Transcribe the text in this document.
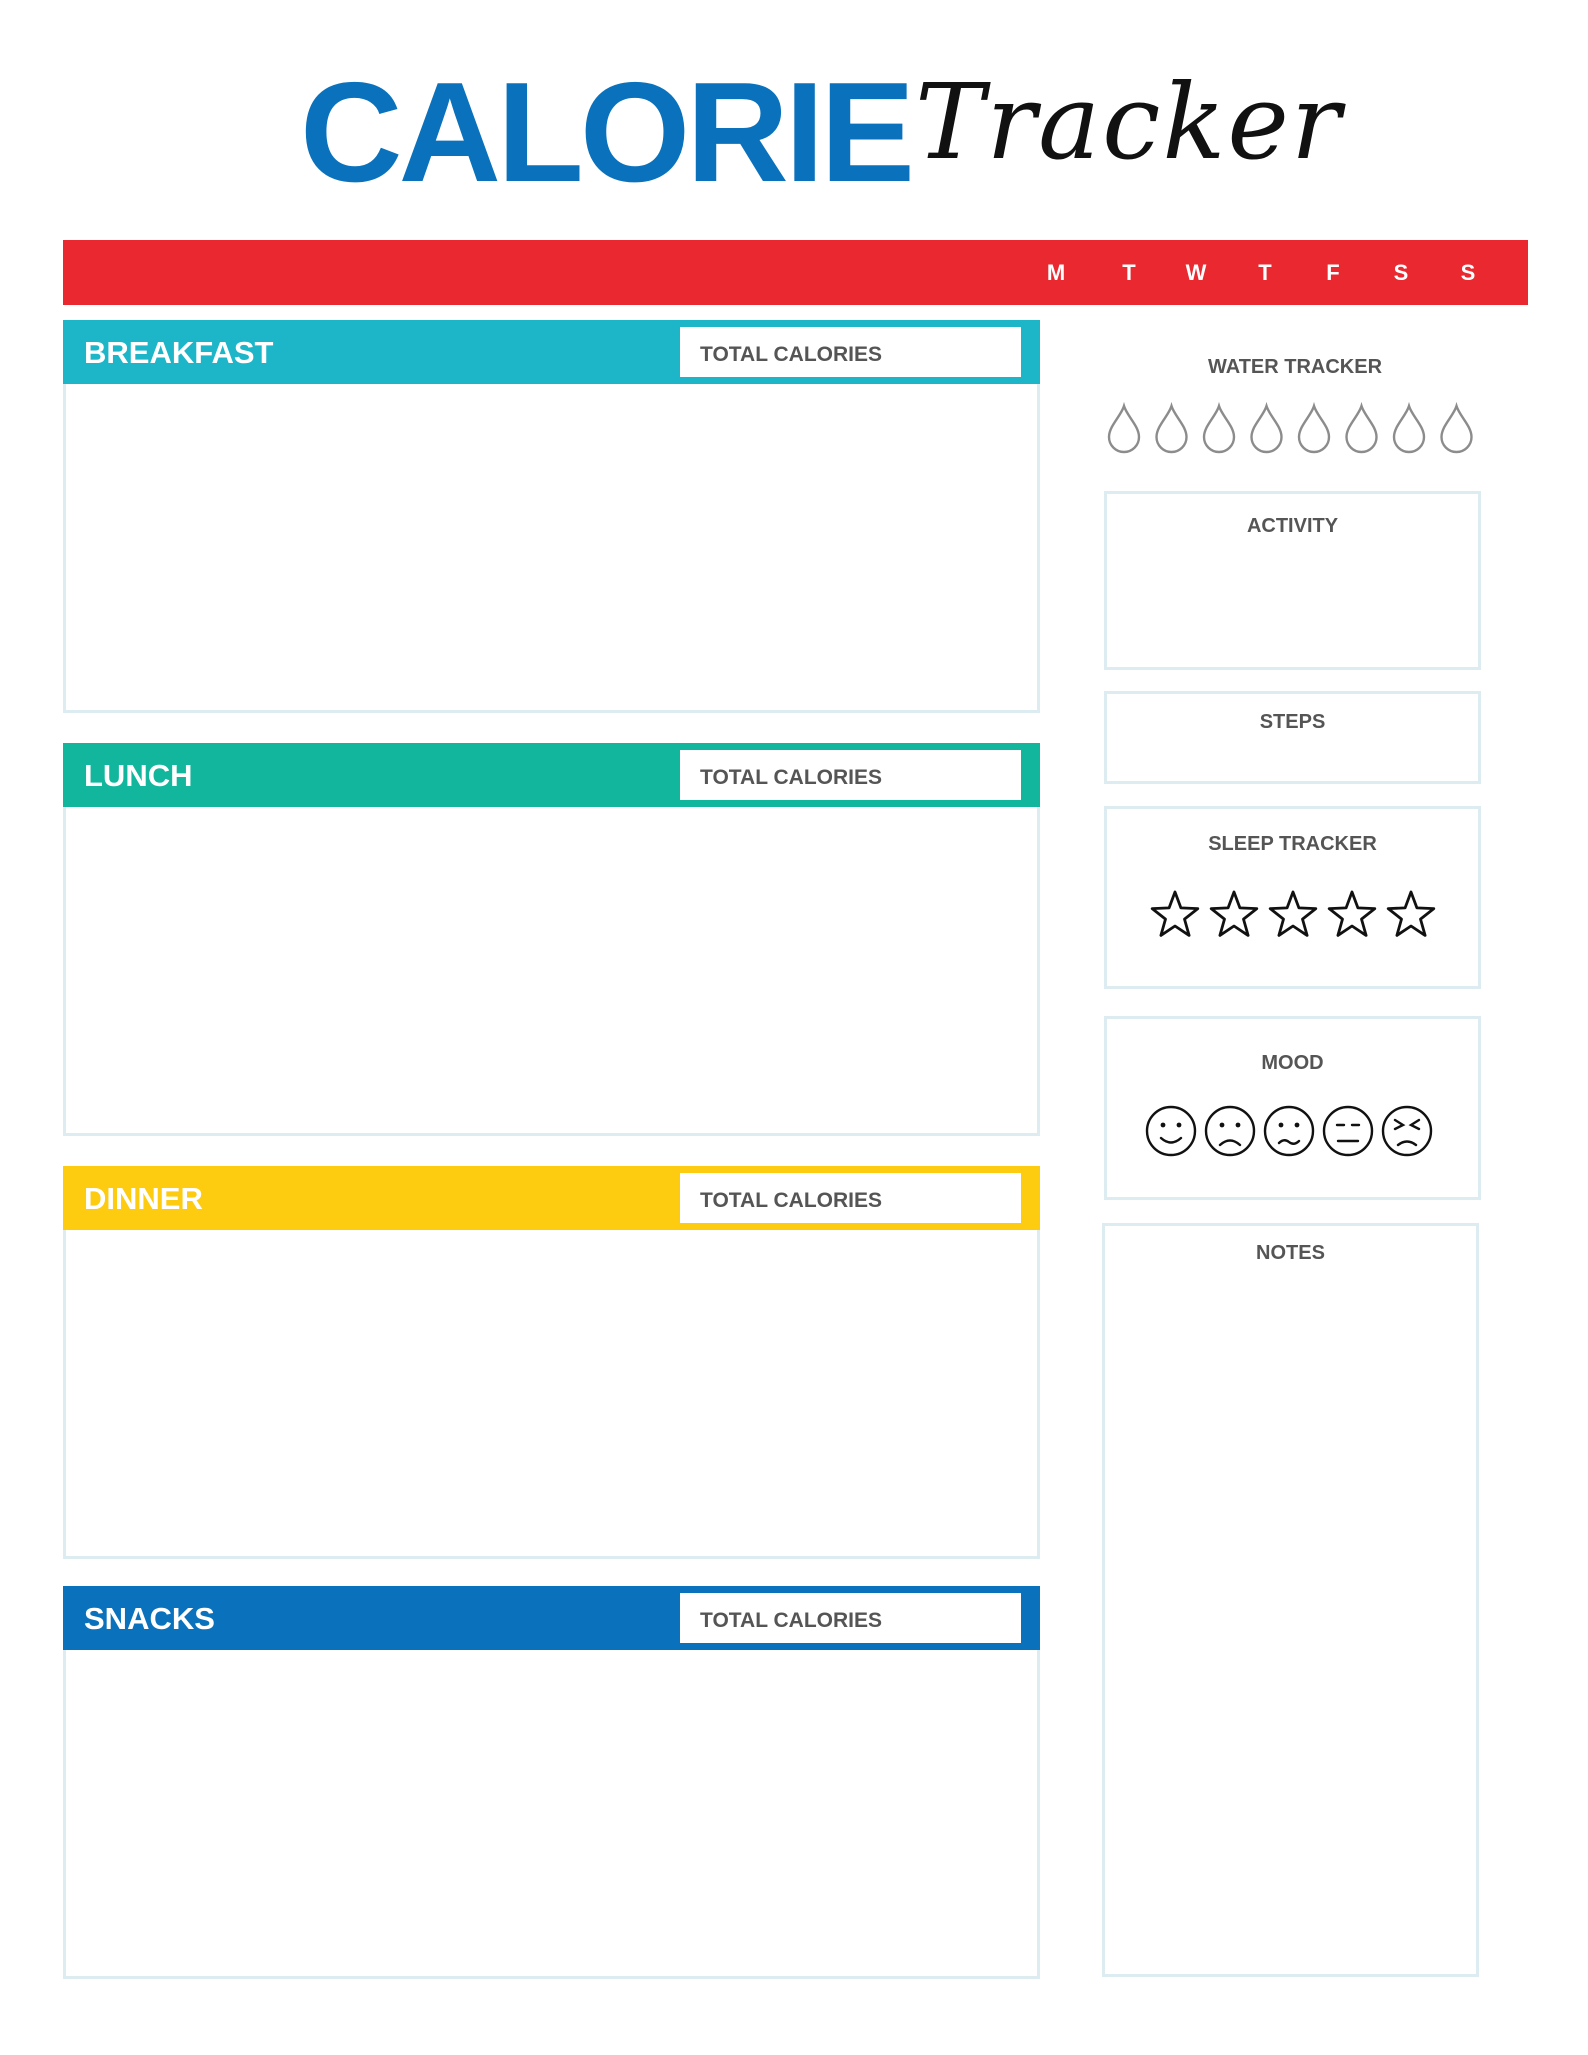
CALORIE Tracker
M	T	W	T	F	S	S
BREAKFAST	TOTAL CALORIES
LUNCH	TOTAL CALORIES
DINNER	TOTAL CALORIES
SNACKS	TOTAL CALORIES
WATER TRACKER
ACTIVITY
STEPS
SLEEP TRACKER
MOOD
NOTES
